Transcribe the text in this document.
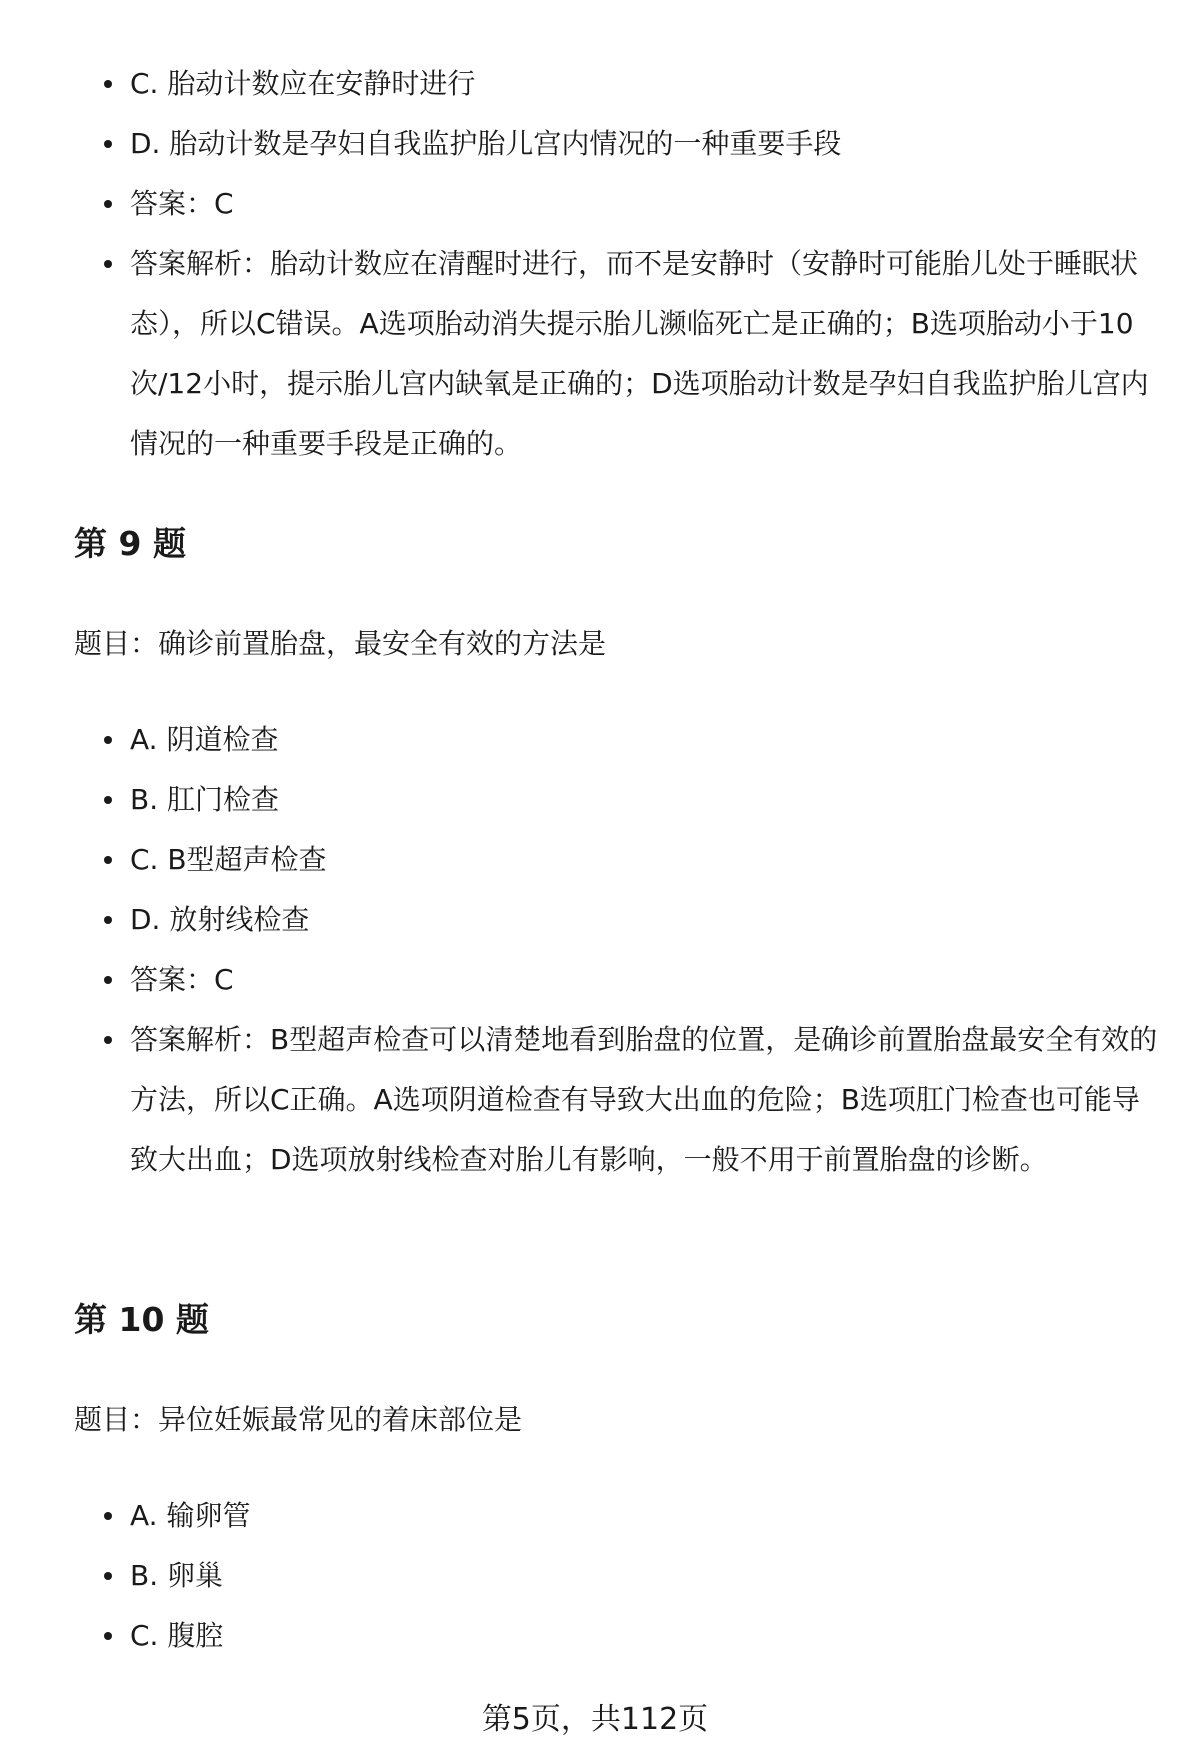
C. 胎动计数应在安静时进行
D. 胎动计数是孕妇自我监护胎儿宫内情况的一种重要手段
答案：C
答案解析：胎动计数应在清醒时进行，而不是安静时（安静时可能胎儿处于睡眠状态），所以C错误。A选项胎动消失提示胎儿濒临死亡是正确的；B选项胎动小于10次/12小时，提示胎儿宫内缺氧是正确的；D选项胎动计数是孕妇自我监护胎儿宫内情况的一种重要手段是正确的。
第 9 题

题目：确诊前置胎盘，最安全有效的方法是

A. 阴道检查
B. 肛门检查
C. B型超声检查
D. 放射线检查
答案：C
答案解析：B型超声检查可以清楚地看到胎盘的位置，是确诊前置胎盘最安全有效的方法，所以C正确。A选项阴道检查有导致大出血的危险；B选项肛门检查也可能导致大出血；D选项放射线检查对胎儿有影响，一般不用于前置胎盘的诊断。
第 10 题

题目：异位妊娠最常见的着床部位是

A. 输卵管
B. 卵巢
C. 腹腔
第5页，共112页
